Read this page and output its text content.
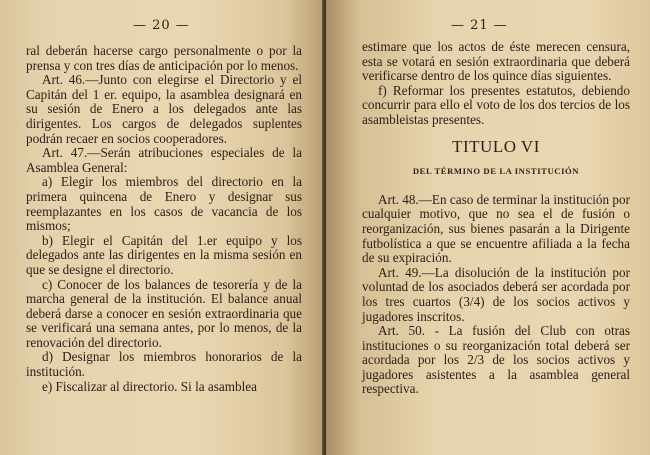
— 20 —

ral deberán hacerse cargo personalmente o por la prensa y con tres días de anticipación por lo menos.

Art. 46.—Junto con elegirse el Directorio y el Capitán del 1 er. equipo, la asamblea designará en su sesión de Enero a los delegados ante las dirigentes. Los cargos de delegados suplentes podrán recaer en socios cooperadores.

Art. 47.—Serán atribuciones especiales de la Asamblea General:

a) Elegir los miembros del directorio en la primera quincena de Enero y designar sus reemplazantes en los casos de vacancia de los mismos;

b) Elegir el Capitán del 1.er equipo y los delegados ante las dirigentes en la misma sesión en que se designe el directorio.

c) Conocer de los balances de tesorería y de la marcha general de la institución. El balance anual deberá darse a conocer en sesión extraordinaria que se verificará una semana antes, por lo menos, de la renovación del directorio.

d) Designar los miembros honorarios de la institución.

e) Fiscalizar al directorio. Si la asamblea

— 21 —

estimare que los actos de éste merecen censura, esta se votará en sesión extraordinaria que deberá verificarse dentro de los quince días siguientes.

f) Reformar los presentes estatutos, debiendo concurrir para ello el voto de los dos tercios de los asambleistas presentes.

TITULO VI
DEL TÉRMINO DE LA INSTITUCIÓN

Art. 48.—En caso de terminar la institución por cualquier motivo, que no sea el de fusión o reorganización, sus bienes pasarán a la Dirigente futbolística a que se encuentre afiliada a la fecha de su expiración.

Art. 49.—La disolución de la institución por voluntad de los asociados deberá ser acordada por los tres cuartos (3/4) de los socios activos y jugadores inscritos.

Art. 50. - La fusión del Club con otras instituciones o su reorganización total deberá ser acordada por los 2/3 de los socios activos y jugadores asistentes a la asamblea general respectiva.
